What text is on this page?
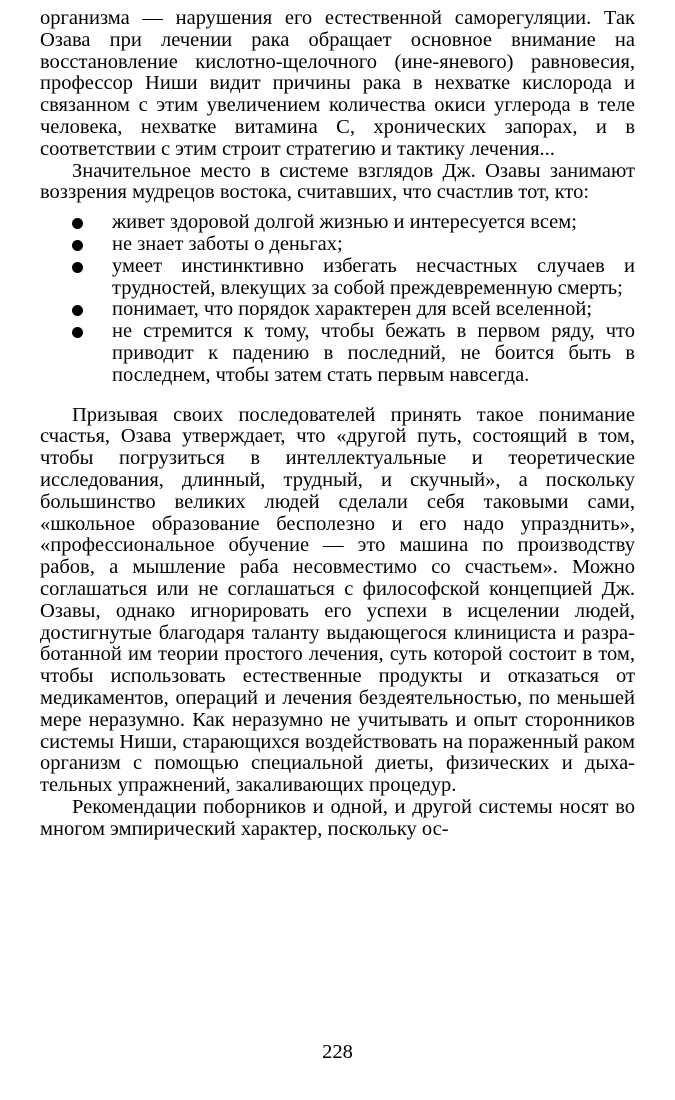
организма — нарушения его естественной саморегуляции. Так Озава при лечении рака обращает основное внимание на восстановление кислотно-щелочного (ине-яневого) равновесия, профессор Ниши видит причины рака в нехватке кислорода и связанном с этим увеличением количества окиси углерода в теле человека, нехватке витамина С, хронических запорах, и в соответствии с этим строит стратегию и тактику лечения...

Значительное место в системе взглядов Дж. Озавы занимают воззрения мудрецов востока, считавших, что счастлив тот, кто:

живет здоровой долгой жизнью и интересуется всем;
не знает заботы о деньгах;
умеет инстинктивно избегать несчастных случаев и трудностей, влекущих за собой преждевременную смерть;
понимает, что порядок характерен для всей вселенной;
не стремится к тому, чтобы бежать в первом ряду, что приводит к падению в последний, не боится быть в последнем, чтобы затем стать первым навсегда.

Призывая своих последователей принять такое понимание счастья, Озава утверждает, что «другой путь, состоящий в том, чтобы погрузиться в интеллектуальные и теоретические исследования, длинный, трудный, и скучный», а поскольку большинство великих людей сделали себя таковыми сами, «школьное образование бесполезно и его надо упразднить», «профессиональное обучение — это машина по производству рабов, а мышление раба несовместимо со счастьем». Можно соглашаться или не соглашаться с философской концепцией Дж. Озавы, однако игнорировать его успехи в исцелении людей, достигнутые благодаря таланту выдающегося клинициста и разработанной им теории простого лечения, суть которой состоит в том, чтобы использовать естественные продукты и отказаться от медикаментов, операций и лечения бездеятельностью, по меньшей мере неразумно. Как неразумно не учитывать и опыт сторонников системы Ниши, старающихся воздействовать на пораженный раком организм с помощью специальной диеты, физических и дыхательных упражнений, закаливающих процедур.

Рекомендации поборников и одной, и другой системы носят во многом эмпирический характер, поскольку ос-

228
